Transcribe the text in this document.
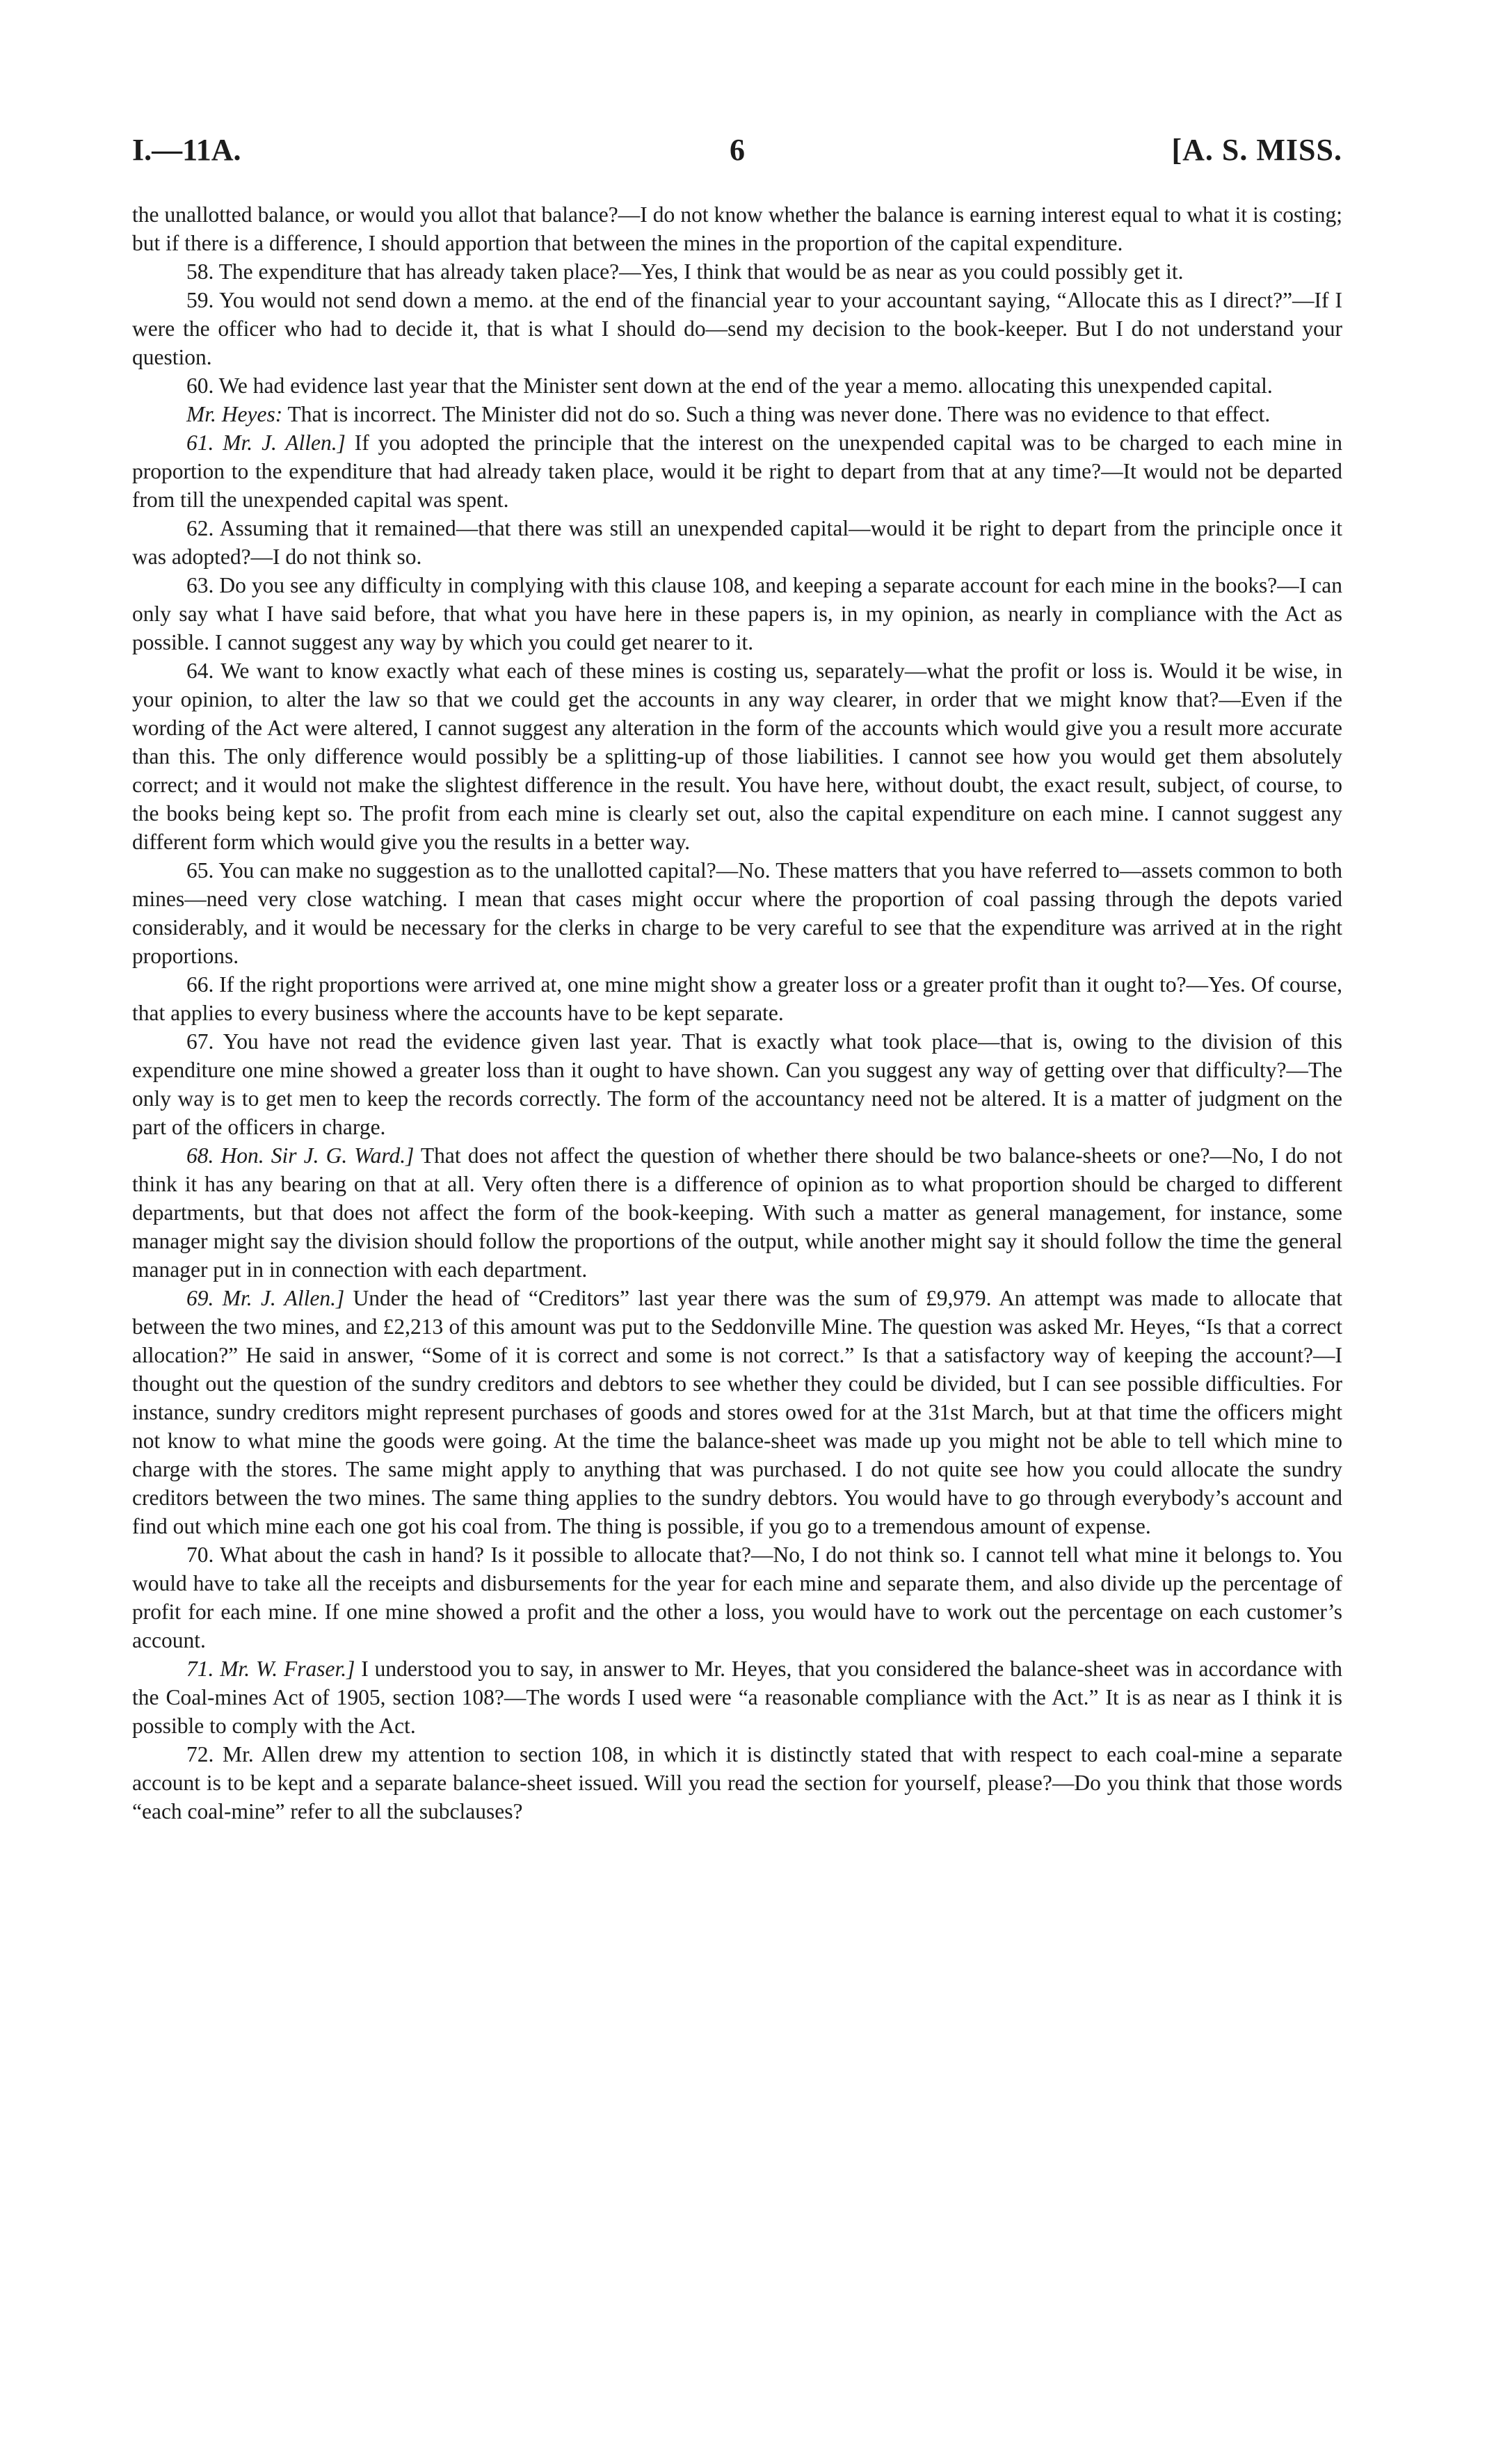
I.—11A.	6	[A. S. MISS.

the unallotted balance, or would you allot that balance?—I do not know whether the balance is earning interest equal to what it is costing; but if there is a difference, I should apportion that between the mines in the proportion of the capital expenditure.

58. The expenditure that has already taken place?—Yes, I think that would be as near as you could possibly get it.

59. You would not send down a memo. at the end of the financial year to your accountant saying, “Allocate this as I direct?”—If I were the officer who had to decide it, that is what I should do—send my decision to the book-keeper. But I do not understand your question.

60. We had evidence last year that the Minister sent down at the end of the year a memo. allocating this unexpended capital.

Mr. Heyes: That is incorrect. The Minister did not do so. Such a thing was never done. There was no evidence to that effect.

61. Mr. J. Allen.] If you adopted the principle that the interest on the unexpended capital was to be charged to each mine in proportion to the expenditure that had already taken place, would it be right to depart from that at any time?—It would not be departed from till the unexpended capital was spent.

62. Assuming that it remained—that there was still an unexpended capital—would it be right to depart from the principle once it was adopted?—I do not think so.

63. Do you see any difficulty in complying with this clause 108, and keeping a separate account for each mine in the books?—I can only say what I have said before, that what you have here in these papers is, in my opinion, as nearly in compliance with the Act as possible. I cannot suggest any way by which you could get nearer to it.

64. We want to know exactly what each of these mines is costing us, separately—what the profit or loss is. Would it be wise, in your opinion, to alter the law so that we could get the accounts in any way clearer, in order that we might know that?—Even if the wording of the Act were altered, I cannot suggest any alteration in the form of the accounts which would give you a result more accurate than this. The only difference would possibly be a splitting-up of those liabilities. I cannot see how you would get them absolutely correct; and it would not make the slightest difference in the result. You have here, without doubt, the exact result, subject, of course, to the books being kept so. The profit from each mine is clearly set out, also the capital expenditure on each mine. I cannot suggest any different form which would give you the results in a better way.

65. You can make no suggestion as to the unallotted capital?—No. These matters that you have referred to—assets common to both mines—need very close watching. I mean that cases might occur where the proportion of coal passing through the depots varied considerably, and it would be necessary for the clerks in charge to be very careful to see that the expenditure was arrived at in the right proportions.

66. If the right proportions were arrived at, one mine might show a greater loss or a greater profit than it ought to?—Yes. Of course, that applies to every business where the accounts have to be kept separate.

67. You have not read the evidence given last year. That is exactly what took place—that is, owing to the division of this expenditure one mine showed a greater loss than it ought to have shown. Can you suggest any way of getting over that difficulty?—The only way is to get men to keep the records correctly. The form of the accountancy need not be altered. It is a matter of judgment on the part of the officers in charge.

68. Hon. Sir J. G. Ward.] That does not affect the question of whether there should be two balance-sheets or one?—No, I do not think it has any bearing on that at all. Very often there is a difference of opinion as to what proportion should be charged to different departments, but that does not affect the form of the book-keeping. With such a matter as general management, for instance, some manager might say the division should follow the proportions of the output, while another might say it should follow the time the general manager put in in connection with each department.

69. Mr. J. Allen.] Under the head of “Creditors” last year there was the sum of £9,979. An attempt was made to allocate that between the two mines, and £2,213 of this amount was put to the Seddonville Mine. The question was asked Mr. Heyes, “Is that a correct allocation?” He said in answer, “Some of it is correct and some is not correct.” Is that a satisfactory way of keeping the account?—I thought out the question of the sundry creditors and debtors to see whether they could be divided, but I can see possible difficulties. For instance, sundry creditors might represent purchases of goods and stores owed for at the 31st March, but at that time the officers might not know to what mine the goods were going. At the time the balance-sheet was made up you might not be able to tell which mine to charge with the stores. The same might apply to anything that was purchased. I do not quite see how you could allocate the sundry creditors between the two mines. The same thing applies to the sundry debtors. You would have to go through everybody’s account and find out which mine each one got his coal from. The thing is possible, if you go to a tremendous amount of expense.

70. What about the cash in hand? Is it possible to allocate that?—No, I do not think so. I cannot tell what mine it belongs to. You would have to take all the receipts and disbursements for the year for each mine and separate them, and also divide up the percentage of profit for each mine. If one mine showed a profit and the other a loss, you would have to work out the percentage on each customer’s account.

71. Mr. W. Fraser.] I understood you to say, in answer to Mr. Heyes, that you considered the balance-sheet was in accordance with the Coal-mines Act of 1905, section 108?—The words I used were “a reasonable compliance with the Act.” It is as near as I think it is possible to comply with the Act.

72. Mr. Allen drew my attention to section 108, in which it is distinctly stated that with respect to each coal-mine a separate account is to be kept and a separate balance-sheet issued. Will you read the section for yourself, please?—Do you think that those words “each coal-mine” refer to all the subclauses?
